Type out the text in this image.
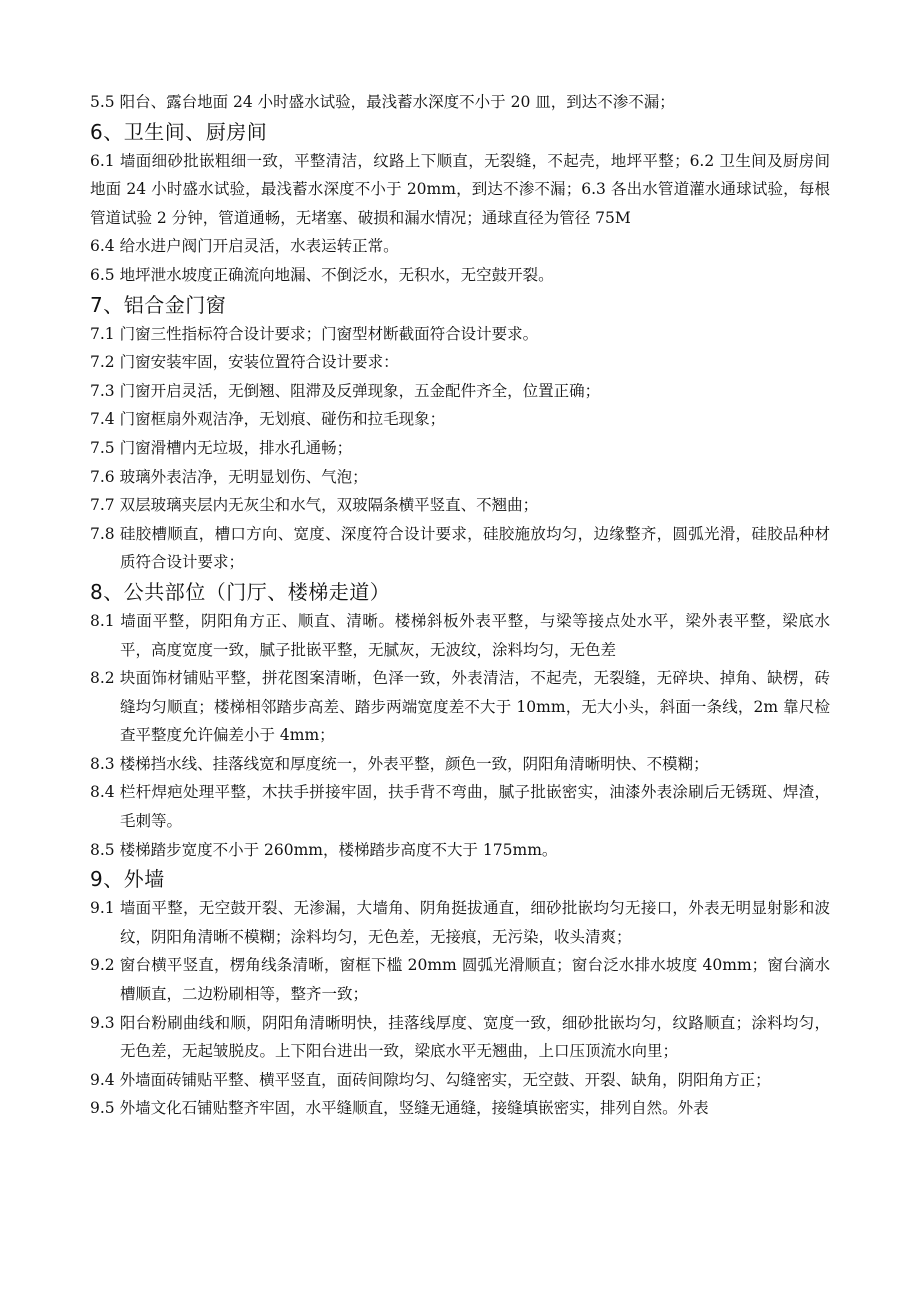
5.5 阳台、露台地面 24 小时盛水试验，最浅蓄水深度不小于 20 皿，到达不渗不漏；

6、卫生间、厨房间

6.1 墙面细砂批嵌粗细一致，平整清洁，纹路上下顺直，无裂缝，不起壳，地坪平整；6.2 卫生间及厨房间地面 24 小时盛水试验，最浅蓄水深度不小于 20mm，到达不渗不漏；6.3 各出水管道灌水通球试验，每根管道试验 2 分钟，管道通畅，无堵塞、破损和漏水情况；通球直径为管径 75M

6.4 给水进户阀门开启灵活，水表运转正常。

6.5 地坪泄水坡度正确流向地漏、不倒泛水，无积水，无空鼓开裂。

7、铝合金门窗

7.1 门窗三性指标符合设计要求；门窗型材断截面符合设计要求。

7.2 门窗安装牢固，安装位置符合设计要求：

7.3 门窗开启灵活，无倒翘、阻滞及反弹现象，五金配件齐全，位置正确；

7.4 门窗框扇外观洁净，无划痕、碰伤和拉毛现象；

7.5 门窗滑槽内无垃圾，排水孔通畅；

7.6 玻璃外表洁净，无明显划伤、气泡；

7.7 双层玻璃夹层内无灰尘和水气，双玻隔条横平竖直、不翘曲；

7.8 硅胶槽顺直，槽口方向、宽度、深度符合设计要求，硅胶施放均匀，边缘整齐，圆弧光滑，硅胶品种材质符合设计要求；

8、公共部位（门厅、楼梯走道）

8.1 墙面平整，阴阳角方正、顺直、清晰。楼梯斜板外表平整，与梁等接点处水平，梁外表平整，梁底水平，高度宽度一致，腻子批嵌平整，无腻灰，无波纹，涂料均匀，无色差

8.2 块面饰材铺贴平整，拼花图案清晰，色泽一致，外表清洁，不起壳，无裂缝，无碎块、掉角、缺楞，砖缝均匀顺直；楼梯相邻踏步高差、踏步两端宽度差不大于 10mm，无大小头，斜面一条线，2m 靠尺检查平整度允许偏差小于 4mm；

8.3 楼梯挡水线、挂落线宽和厚度统一，外表平整，颜色一致，阴阳角清晰明快、不模糊；

8.4 栏杆焊疤处理平整，木扶手拼接牢固，扶手背不弯曲，腻子批嵌密实，油漆外表涂刷后无锈斑、焊渣，毛刺等。

8.5 楼梯踏步宽度不小于 260mm，楼梯踏步高度不大于 175mm。

9、外墙

9.1 墙面平整，无空鼓开裂、无渗漏，大墙角、阴角挺拔通直，细砂批嵌均匀无接口，外表无明显射影和波纹，阴阳角清晰不模糊；涂料均匀，无色差，无接痕，无污染，收头清爽；

9.2 窗台横平竖直，楞角线条清晰，窗框下槛 20mm 圆弧光滑顺直；窗台泛水排水坡度 40mm；窗台滴水槽顺直，二边粉刷相等，整齐一致；

9.3 阳台粉刷曲线和顺，阴阳角清晰明快，挂落线厚度、宽度一致，细砂批嵌均匀，纹路顺直；涂料均匀，无色差，无起皱脱皮。上下阳台进出一致，梁底水平无翘曲，上口压顶流水向里；

9.4 外墙面砖铺贴平整、横平竖直，面砖间隙均匀、勾缝密实，无空鼓、开裂、缺角，阴阳角方正；

9.5 外墙文化石铺贴整齐牢固，水平缝顺直，竖缝无通缝，接缝填嵌密实，排列自然。外表
